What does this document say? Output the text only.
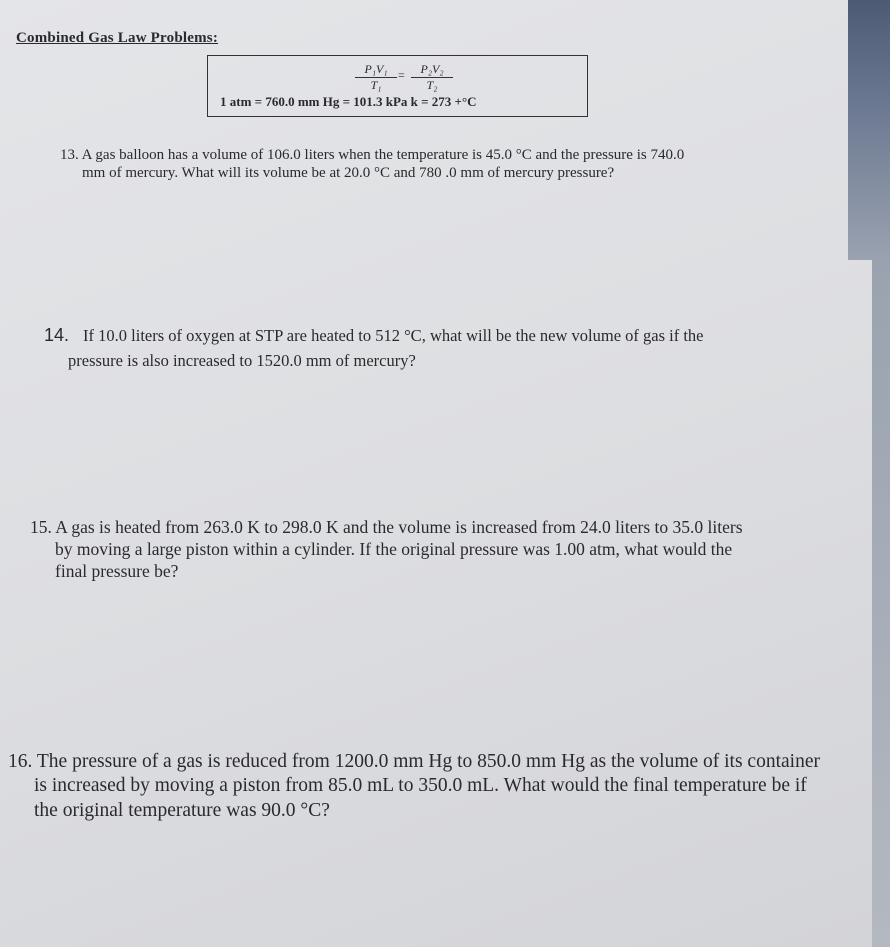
Combined Gas Law Problems:
$\frac{\text{P₁V₁}}{\text{T₁}} = \frac{\text{P₂V₂}}{\text{T₂}}$
1 atm = 760.0 mm Hg = 101.3 kPa k = 273 +°C
13. A gas balloon has a volume of 106.0 liters when the temperature is 45.0 °C and the pressure is 740.0
mm of mercury. What will its volume be at 20.0 °C and 780 .0 mm of mercury pressure?
14. If 10.0 liters of oxygen at STP are heated to 512 °C, what will be the new volume of gas if the
pressure is also increased to 1520.0 mm of mercury?
15. A gas is heated from 263.0 K to 298.0 K and the volume is increased from 24.0 liters to 35.0 liters
by moving a large piston within a cylinder. If the original pressure was 1.00 atm, what would the
final pressure be?
16. The pressure of a gas is reduced from 1200.0 mm Hg to 850.0 mm Hg as the volume of its container
is increased by moving a piston from 85.0 mL to 350.0 mL. What would the final temperature be if
the original temperature was 90.0 °C?
